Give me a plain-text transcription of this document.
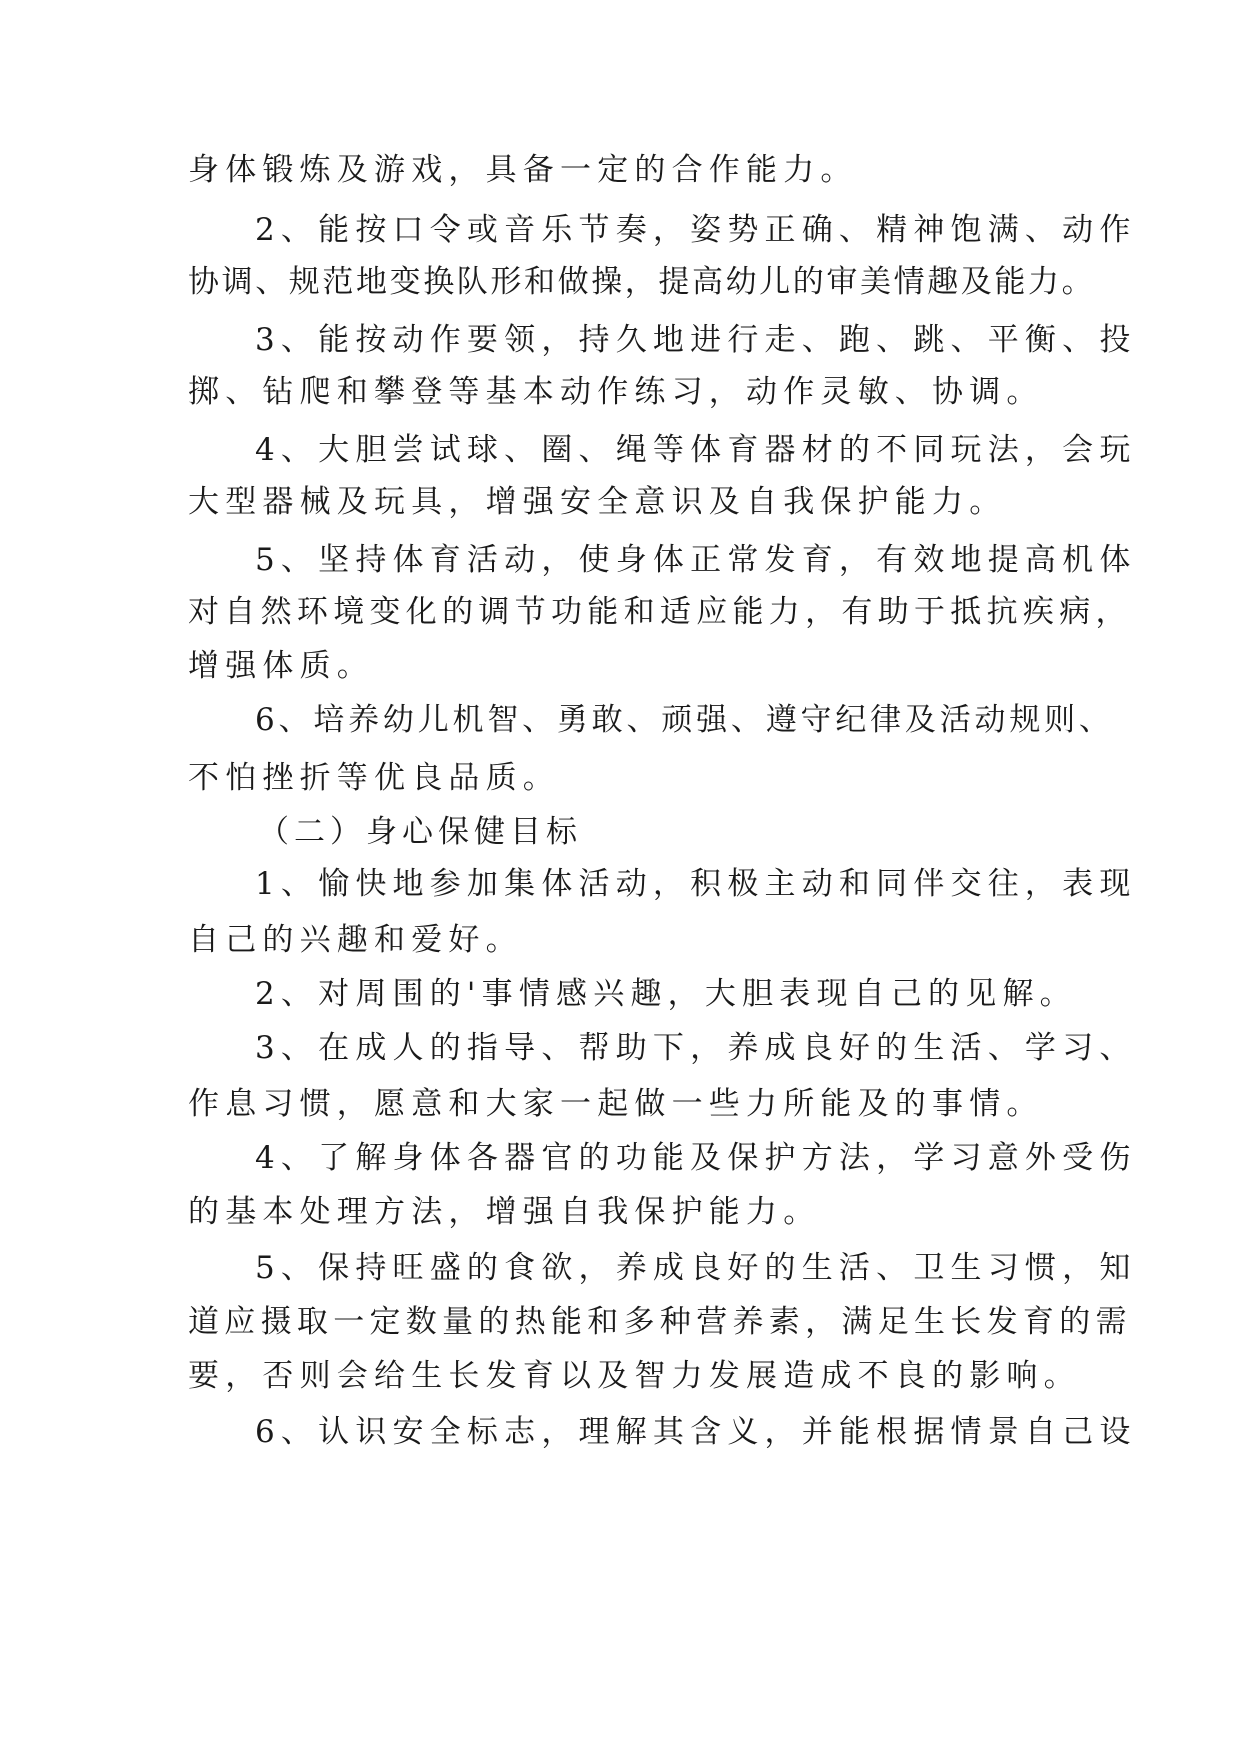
身体锻炼及游戏，具备一定的合作能力。
2、能按口令或音乐节奏，姿势正确、精神饱满、动作
协调、规范地变换队形和做操，提高幼儿的审美情趣及能力。
3、能按动作要领，持久地进行走、跑、跳、平衡、投
掷、钻爬和攀登等基本动作练习，动作灵敏、协调。
4、大胆尝试球、圈、绳等体育器材的不同玩法，会玩
大型器械及玩具，增强安全意识及自我保护能力。
5、坚持体育活动，使身体正常发育，有效地提高机体
对自然环境变化的调节功能和适应能力，有助于抵抗疾病，
增强体质。
6、培养幼儿机智、勇敢、顽强、遵守纪律及活动规则、
不怕挫折等优良品质。
（二）身心保健目标
1、愉快地参加集体活动，积极主动和同伴交往，表现
自己的兴趣和爱好。
2、对周围的'事情感兴趣，大胆表现自己的见解。
3、在成人的指导、帮助下，养成良好的生活、学习、
作息习惯，愿意和大家一起做一些力所能及的事情。
4、了解身体各器官的功能及保护方法，学习意外受伤
的基本处理方法，增强自我保护能力。
5、保持旺盛的食欲，养成良好的生活、卫生习惯，知
道应摄取一定数量的热能和多种营养素，满足生长发育的需
要，否则会给生长发育以及智力发展造成不良的影响。
6、认识安全标志，理解其含义，并能根据情景自己设
